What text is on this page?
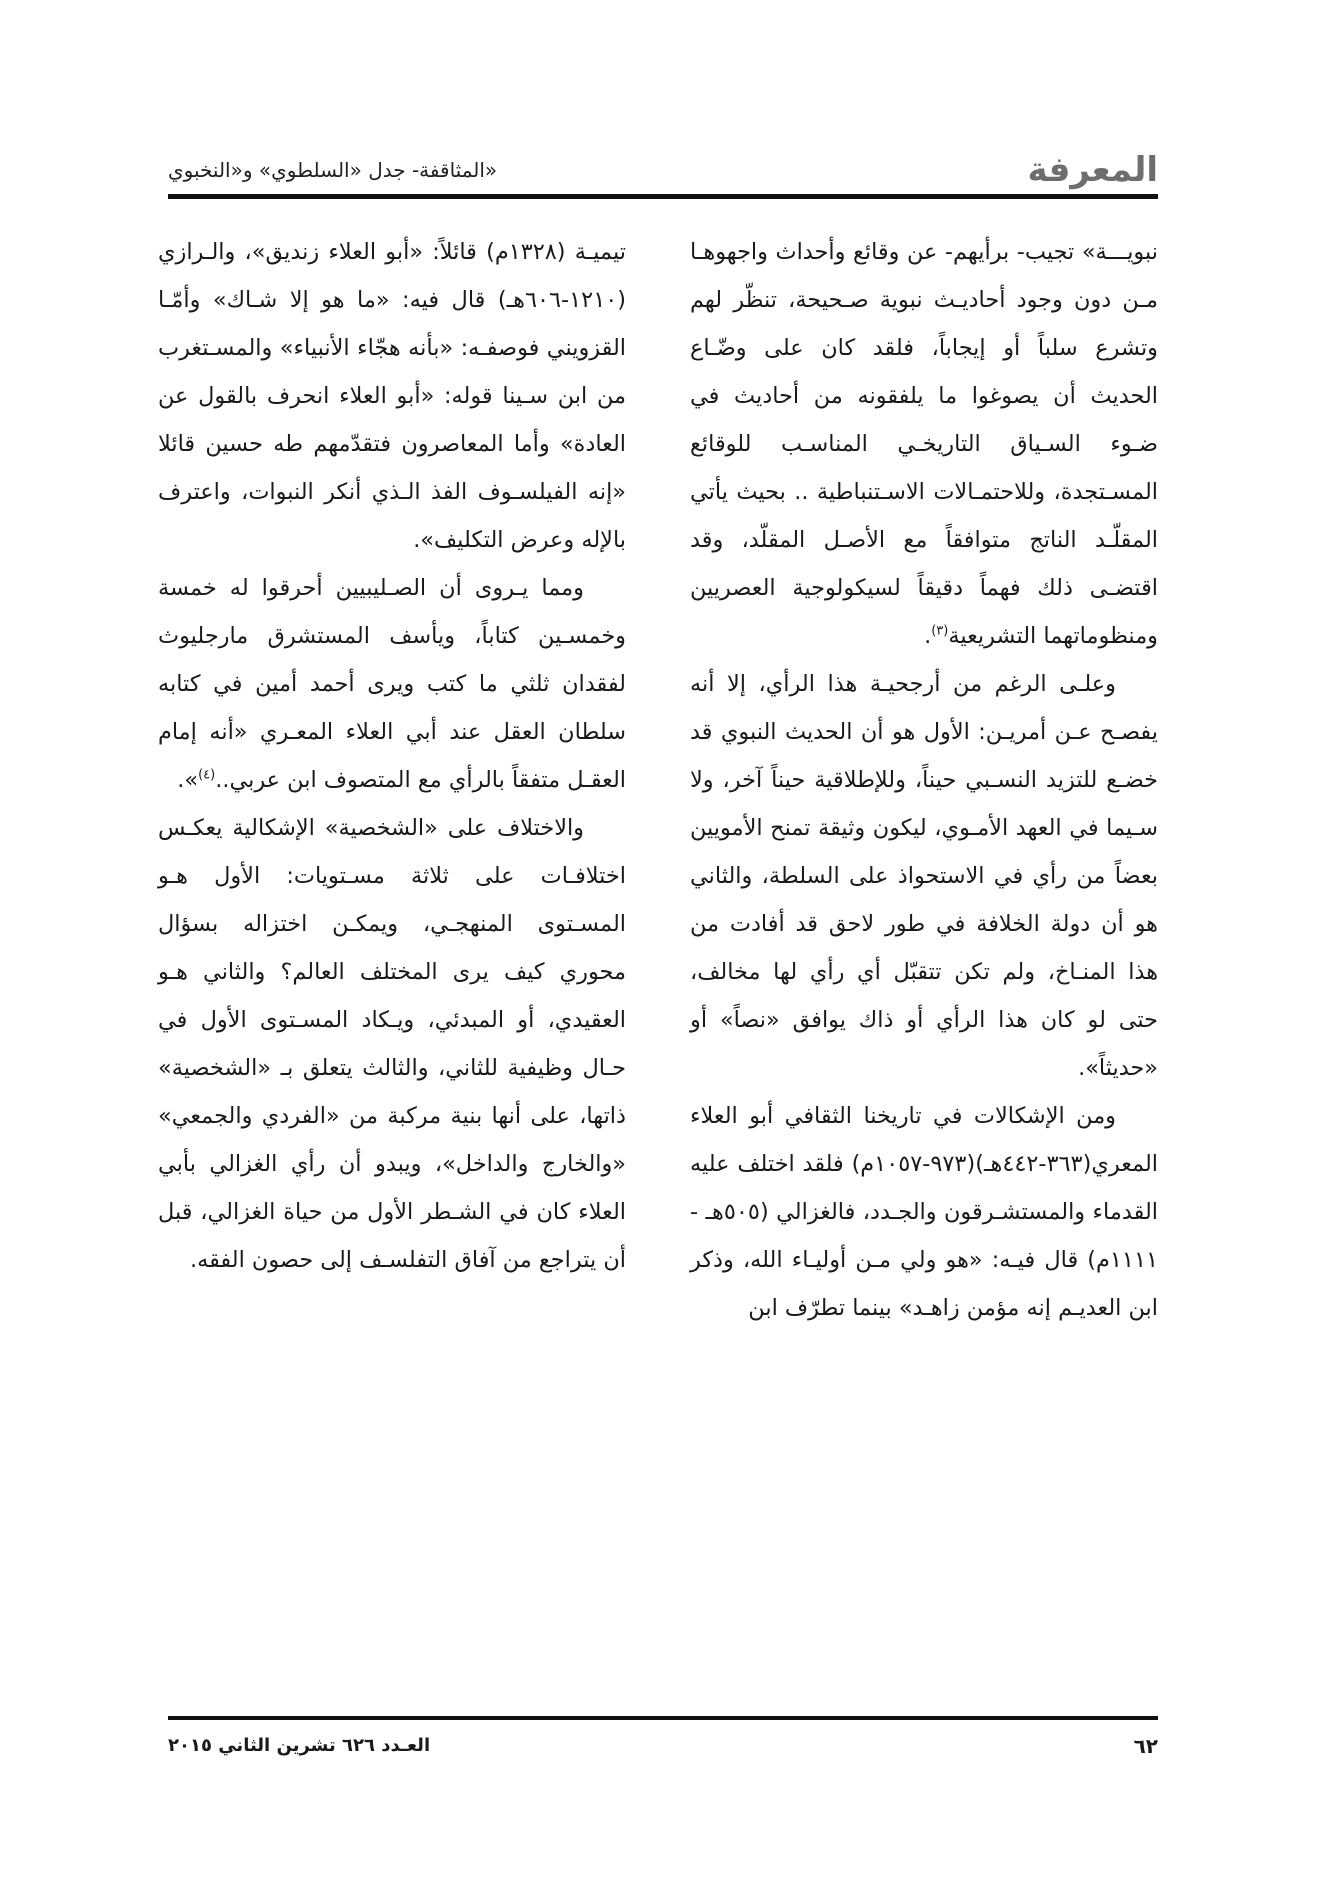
المعرفة
المثاقفة- جدل «السلطوي» و«النخبوي»

نبويـــة» تجيب- برأيهم- عن وقائع وأحداث واجهوهـا مـن دون وجود أحاديـث نبوية صـحيحة، تنظّر لهم وتشرع سلباً أو إيجاباً، فلقد كان على وضّـاع الحديث أن يصوغوا ما يلفقونه من أحاديث في ضـوء السـياق التاريخـي المناسـب للوقائع المسـتجدة، وللاحتمـالات الاسـتنباطية .. بحيث يأتي المقلّـد الناتج متوافقاً مع الأصـل المقلّد، وقد اقتضـى ذلك فهماً دقيقاً لسيكولوجية العصريين ومنظوماتهما التشريعية$^{(٣)}$.

وعلـى الرغم من أرجحيـة هذا الرأي، إلا أنه يفصـح عـن أمريـن: الأول هو أن الحديث النبوي قد خضـع للتزيد النسـبي حيناً، وللإطلاقية حيناً آخر، ولا سـيما في العهد الأمـوي، ليكون وثيقة تمنح الأمويين بعضاً من رأي في الاستحواذ على السلطة، والثاني هو أن دولة الخلافة في طور لاحق قد أفادت من هذا المنـاخ، ولم تكن تتقبّل أي رأي لها مخالف، حتى لو كان هذا الرأي أو ذاك يوافق «نصاً» أو «حديثاً».

ومن الإشكالات في تاريخنا الثقافي أبو العلاء المعري(٣٦٣-٤٤٢هـ)(٩٧٣-١٠٥٧م) فلقد اختلف عليه القدماء والمستشـرقون والجـدد، فالغزالي (٥٠٥هـ - ١١١١م) قال فيـه: «هو ولي مـن أوليـاء الله، وذكر ابن العديـم إنه مؤمن زاهـد» بينما تطرّف ابن

تيميـة (١٣٢٨م) قائلاً: «أبو العلاء زنديق»، والـرازي (١٢١٠-٦٠٦هـ) قال فيه: «ما هو إلا شـاك» وأمّـا القزويني فوصفـه: «بأنه هجّاء الأنبياء» والمسـتغرب من ابن سـينا قوله: «أبو العلاء انحرف بالقول عن العادة» وأما المعاصرون فتقدّمهم طه حسين قائلا «إنه الفيلسـوف الفذ الـذي أنكر النبوات، واعترف بالإله وعرض التكليف».

ومما يـروى أن الصـليبيين أحرقوا له خمسة وخمسـين كتاباً، ويأسف المستشرق مارجليوث لفقدان ثلثي ما كتب ويرى أحمد أمين في كتابه سلطان العقل عند أبي العلاء المعـري «أنه إمام العقـل متفقاً بالرأي مع المتصوف ابن عربي..$^{(٤)}$».

والاختلاف على «الشخصية» الإشكالية يعكـس اختلافـات على ثلاثة مسـتويات: الأول هـو المسـتوى المنهجـي، ويمكـن اختزاله بسؤال محوري كيف يرى المختلف العالم؟ والثاني هـو العقيدي، أو المبدئي، ويـكاد المسـتوى الأول في حـال وظيفية للثاني، والثالث يتعلق بـ «الشخصية» ذاتها، على أنها بنية مركبة من «الفردي والجمعي» «والخارج والداخل»، ويبدو أن رأي الغزالي بأبي العلاء كان في الشـطر الأول من حياة الغزالي، قبل أن يتراجع من آفاق التفلسـف إلى حصون الفقه.

٦٢
العـدد ٦٢٦ تشرين الثاني ٢٠١٥
